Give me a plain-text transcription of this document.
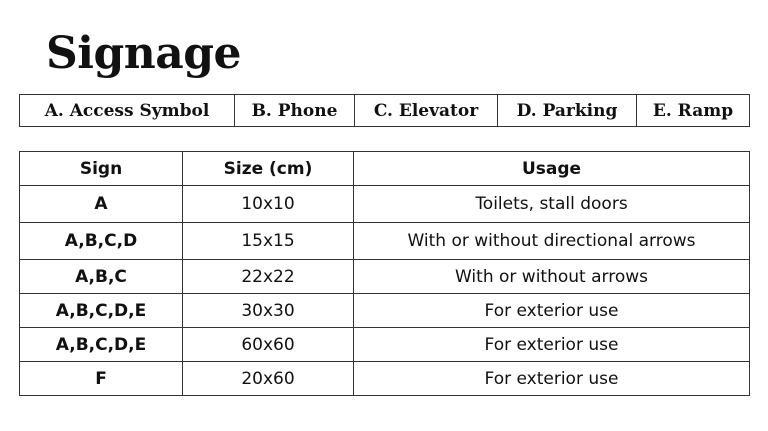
Signage
A. Access Symbol	B. Phone	C. Elevator	D. Parking	E. Ramp
Sign	Size (cm)	Usage
A	10x10	Toilets, stall doors
A,B,C,D	15x15	With or without directional arrows
A,B,C	22x22	With or without arrows
A,B,C,D,E	30x30	For exterior use
A,B,C,D,E	60x60	For exterior use
F	20x60	For exterior use
